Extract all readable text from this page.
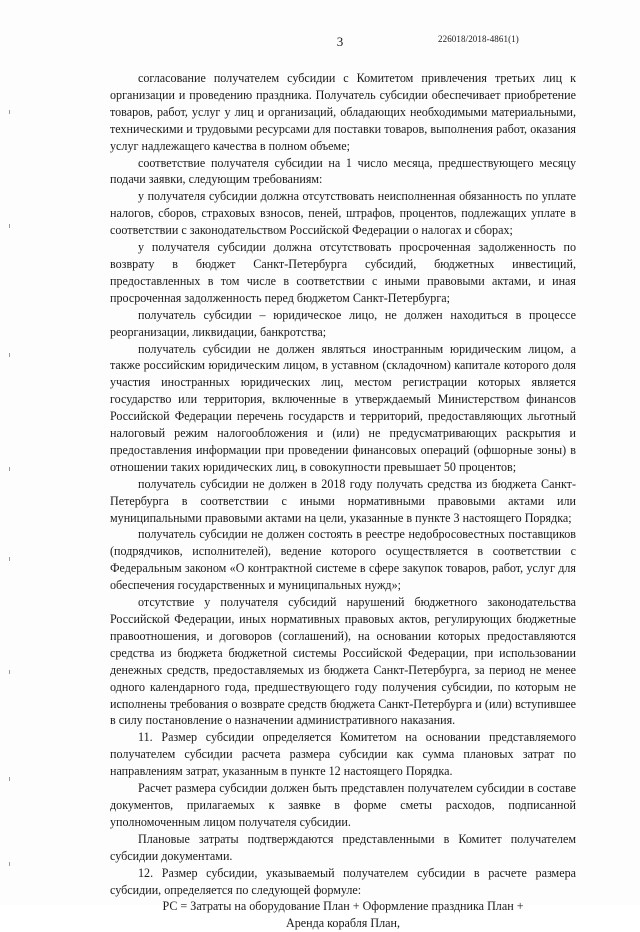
3	226018/2018-4861(1)

согласование получателем субсидии с Комитетом привлечения третьих лиц к организации и проведению праздника. Получатель субсидии обеспечивает приобретение товаров, работ, услуг у лиц и организаций, обладающих необходимыми материальными, техническими и трудовыми ресурсами для поставки товаров, выполнения работ, оказания услуг надлежащего качества в полном объеме;

соответствие получателя субсидии на 1 число месяца, предшествующего месяцу подачи заявки, следующим требованиям:

у получателя субсидии должна отсутствовать неисполненная обязанность по уплате налогов, сборов, страховых взносов, пеней, штрафов, процентов, подлежащих уплате в соответствии с законодательством Российской Федерации о налогах и сборах;

у получателя субсидии должна отсутствовать просроченная задолженность по возврату в бюджет Санкт-Петербурга субсидий, бюджетных инвестиций, предоставленных в том числе в соответствии с иными правовыми актами, и иная просроченная задолженность перед бюджетом Санкт-Петербурга;

получатель субсидии – юридическое лицо, не должен находиться в процессе реорганизации, ликвидации, банкротства;

получатель субсидии не должен являться иностранным юридическим лицом, а также российским юридическим лицом, в уставном (складочном) капитале которого доля участия иностранных юридических лиц, местом регистрации которых является государство или территория, включенные в утверждаемый Министерством финансов Российской Федерации перечень государств и территорий, предоставляющих льготный налоговый режим налогообложения и (или) не предусматривающих раскрытия и предоставления информации при проведении финансовых операций (офшорные зоны) в отношении таких юридических лиц, в совокупности превышает 50 процентов;

получатель субсидии не должен в 2018 году получать средства из бюджета Санкт-Петербурга в соответствии с иными нормативными правовыми актами или муниципальными правовыми актами на цели, указанные в пункте 3 настоящего Порядка;

получатель субсидии не должен состоять в реестре недобросовестных поставщиков (подрядчиков, исполнителей), ведение которого осуществляется в соответствии с Федеральным законом «О контрактной системе в сфере закупок товаров, работ, услуг для обеспечения государственных и муниципальных нужд»;

отсутствие у получателя субсидий нарушений бюджетного законодательства Российской Федерации, иных нормативных правовых актов, регулирующих бюджетные правоотношения, и договоров (соглашений), на основании которых предоставляются средства из бюджета бюджетной системы Российской Федерации, при использовании денежных средств, предоставляемых из бюджета Санкт-Петербурга, за период не менее одного календарного года, предшествующего году получения субсидии, по которым не исполнены требования о возврате средств бюджета Санкт-Петербурга и (или) вступившее в силу постановление о назначении административного наказания.

11. Размер субсидии определяется Комитетом на основании представляемого получателем субсидии расчета размера субсидии как сумма плановых затрат по направлениям затрат, указанным в пункте 12 настоящего Порядка.

Расчет размера субсидии должен быть представлен получателем субсидии в составе документов, прилагаемых к заявке в форме сметы расходов, подписанной уполномоченным лицом получателя субсидии.

Плановые затраты подтверждаются представленными в Комитет получателем субсидии документами.

12. Размер субсидии, указываемый получателем субсидии в расчете размера субсидии, определяется по следующей формуле:

РС = Затраты на оборудование План + Оформление праздника План +

Аренда корабля План,
